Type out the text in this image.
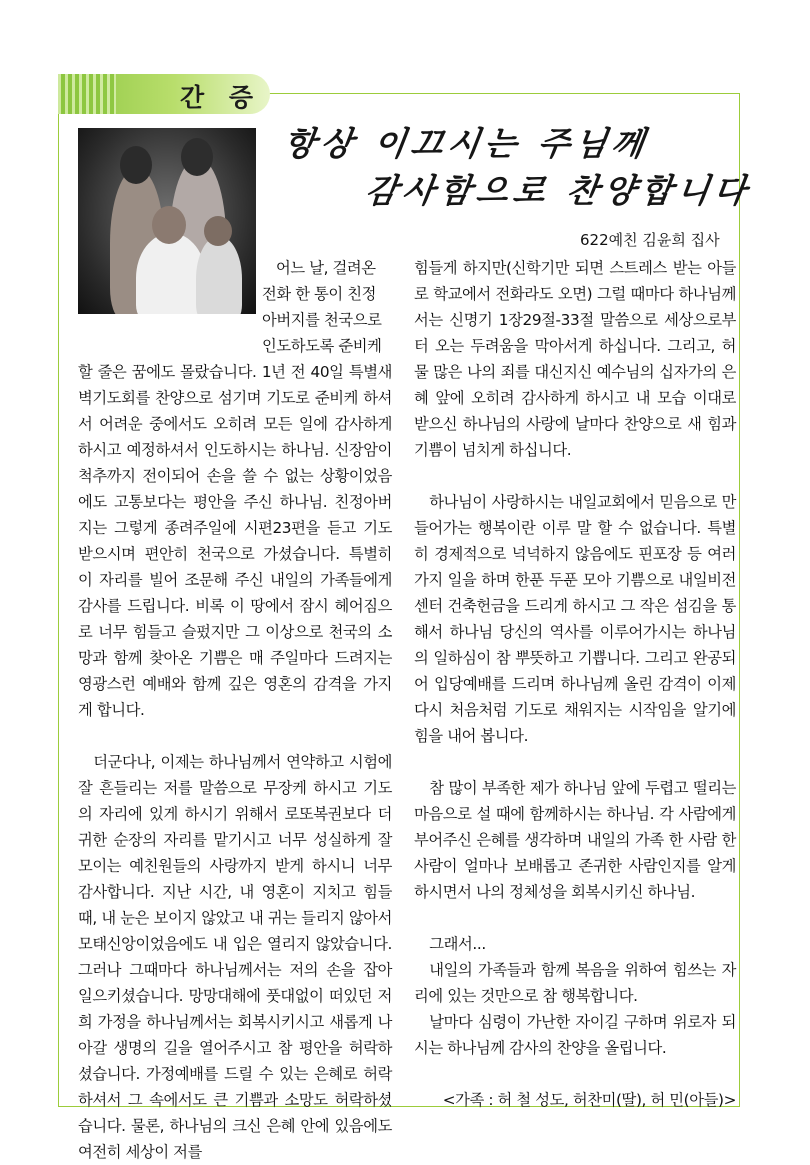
간 증
항상 이끄시는 주님께
감사함으로 찬양합니다
622예친 김윤희 집사
어느 날, 걸려온
전화 한 통이 친정
아버지를 천국으로
인도하도록 준비케

할 줄은 꿈에도 몰랐습니다. 1년 전 40일 특별새벽기도회를 찬양으로 섬기며 기도로 준비케 하셔서 어려운 중에서도 오히려 모든 일에 감사하게 하시고 예정하셔서 인도하시는 하나님. 신장암이 척추까지 전이되어 손을 쓸 수 없는 상황이었음에도 고통보다는 평안을 주신 하나님. 친정아버지는 그렇게 종려주일에 시편23편을 듣고 기도 받으시며 편안히 천국으로 가셨습니다. 특별히 이 자리를 빌어 조문해 주신 내일의 가족들에게 감사를 드립니다. 비록 이 땅에서 잠시 헤어짐으로 너무 힘들고 슬펐지만 그 이상으로 천국의 소망과 함께 찾아온 기쁨은 매 주일마다 드려지는 영광스런 예배와 함께 깊은 영혼의 감격을 가지게 합니다.

더군다나, 이제는 하나님께서 연약하고 시험에 잘 흔들리는 저를 말씀으로 무장케 하시고 기도의 자리에 있게 하시기 위해서 로또복권보다 더 귀한 순장의 자리를 맡기시고 너무 성실하게 잘 모이는 예친원들의 사랑까지 받게 하시니 너무 감사합니다. 지난 시간, 내 영혼이 지치고 힘들 때, 내 눈은 보이지 않았고 내 귀는 들리지 않아서 모태신앙이었음에도 내 입은 열리지 않았습니다. 그러나 그때마다 하나님께서는 저의 손을 잡아 일으키셨습니다. 망망대해에 풋대없이 떠있던 저희 가정을 하나님께서는 회복시키시고 새롭게 나아갈 생명의 길을 열어주시고 참 평안을 허락하셨습니다. 가정예배를 드릴 수 있는 은혜로 허락하셔서 그 속에서도 큰 기쁨과 소망도 허락하셨습니다. 물론, 하나님의 크신 은혜 안에 있음에도 여전히 세상이 저를

힘들게 하지만(신학기만 되면 스트레스 받는 아들로 학교에서 전화라도 오면) 그럴 때마다 하나님께서는 신명기 1장29절-33절 말씀으로 세상으로부터 오는 두려움을 막아서게 하십니다. 그리고, 허물 많은 나의 죄를 대신지신 예수님의 십자가의 은혜 앞에 오히려 감사하게 하시고 내 모습 이대로 받으신 하나님의 사랑에 날마다 찬양으로 새 힘과 기쁨이 넘치게 하십니다.

하나님이 사랑하시는 내일교회에서 믿음으로 만들어가는 행복이란 이루 말 할 수 없습니다. 특별히 경제적으로 넉넉하지 않음에도 핀포장 등 여러 가지 일을 하며 한푼 두푼 모아 기쁨으로 내일비전센터 건축헌금을 드리게 하시고 그 작은 섬김을 통해서 하나님 당신의 역사를 이루어가시는 하나님의 일하심이 참 뿌뜻하고 기쁩니다. 그리고 완공되어 입당예배를 드리며 하나님께 올린 감격이 이제 다시 처음처럼 기도로 채워지는 시작임을 알기에 힘을 내어 봅니다.

참 많이 부족한 제가 하나님 앞에 두렵고 떨리는 마음으로 설 때에 함께하시는 하나님. 각 사람에게 부어주신 은혜를 생각하며 내일의 가족 한 사람 한 사람이 얼마나 보배롭고 존귀한 사람인지를 알게 하시면서 나의 정체성을 회복시키신 하나님.

그래서...

내일의 가족들과 함께 복음을 위하여 힘쓰는 자리에 있는 것만으로 참 행복합니다.

날마다 심령이 가난한 자이길 구하며 위로자 되시는 하나님께 감사의 찬양을 올립니다.

<가족 : 허 철 성도, 허찬미(딸), 허 민(아들)>
